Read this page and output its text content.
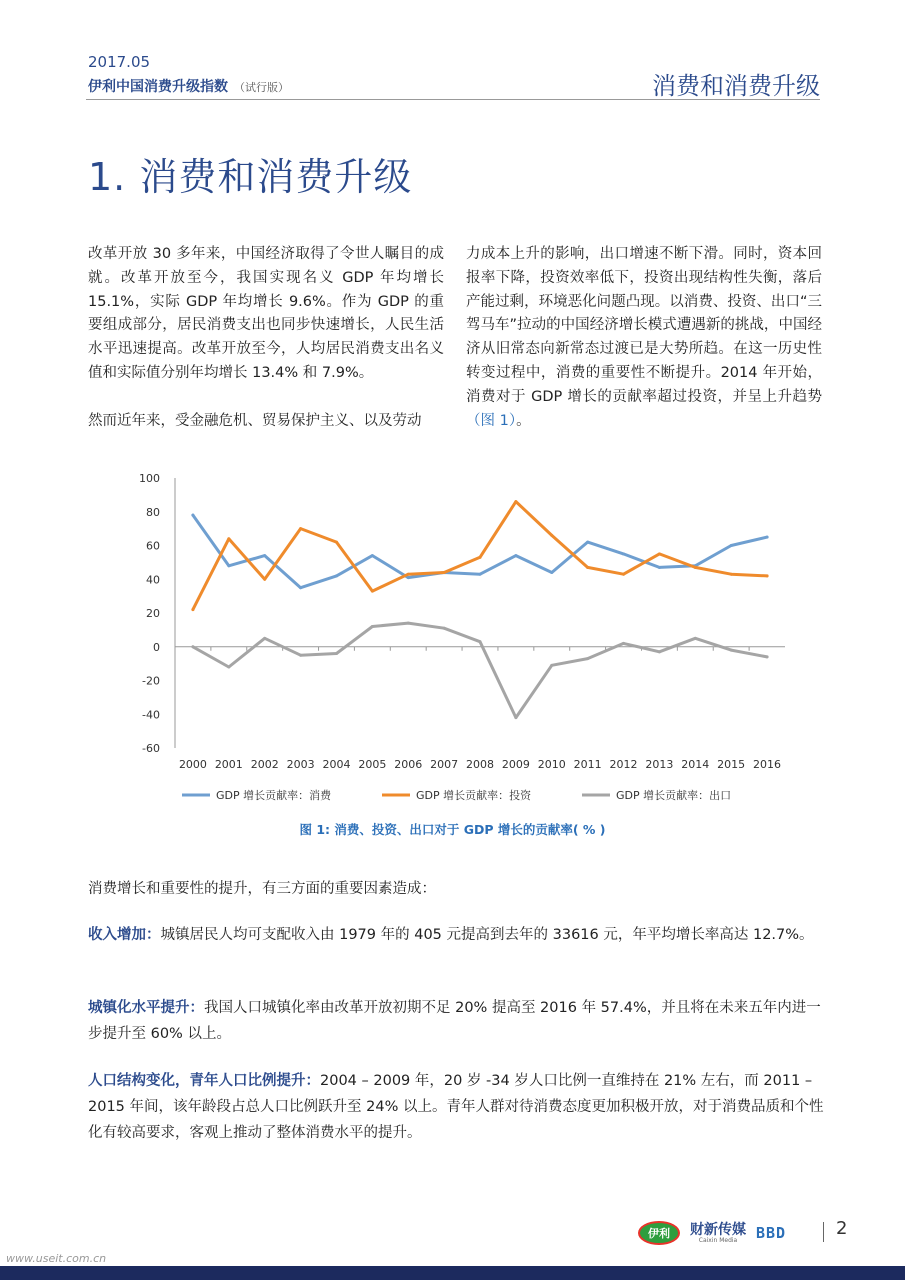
2017.05
伊利中国消费升级指数 （试行版）	消费和消费升级
1. 消费和消费升级

改革开放 30 多年来，中国经济取得了令世人瞩目的成就。改革开放至今，我国实现名义 GDP 年均增长 15.1%，实际 GDP 年均增长 9.6%。作为 GDP 的重要组成部分，居民消费支出也同步快速增长，人民生活水平迅速提高。改革开放至今，人均居民消费支出名义值和实际值分别年均增长 13.4% 和 7.9%。

然而近年来，受金融危机、贸易保护主义、以及劳动

力成本上升的影响，出口增速不断下滑。同时，资本回报率下降，投资效率低下，投资出现结构性失衡，落后产能过剩，环境恶化问题凸现。以消费、投资、出口“三驾马车”拉动的中国经济增长模式遭遇新的挑战，中国经济从旧常态向新常态过渡已是大势所趋。在这一历史性转变过程中，消费的重要性不断提升。2014 年开始，消费对于 GDP 增长的贡献率超过投资，并呈上升趋势（图 1）。

-60
-40
-20
0
20
40
60
80
100
2000 2001 2002 2003 2004 2005 2006 2007 2008 2009 2010 2011 2012 2013 2014 2015 2016
GDP 增长贡献率：消费	GDP 增长贡献率：投资	GDP 增长贡献率：出口
图 1: 消费、投资、出口对于 GDP 增长的贡献率( % )
消费增长和重要性的提升，有三方面的重要因素造成：
收入增加：城镇居民人均可支配收入由 1979 年的 405 元提高到去年的 33616 元，年平均增长率高达 12.7%。
城镇化水平提升：我国人口城镇化率由改革开放初期不足 20% 提高至 2016 年 57.4%，并且将在未来五年内进一步提升至 60% 以上。
人口结构变化，青年人口比例提升：2004 – 2009 年，20 岁 -34 岁人口比例一直维持在 21% 左右，而 2011 – 2015 年间，该年龄段占总人口比例跃升至 24% 以上。青年人群对待消费态度更加积极开放，对于消费品质和个性化有较高要求，客观上推动了整体消费水平的提升。
伊利	财新传媒
Caixin Media	BBD	2
www.useit.com.cn
